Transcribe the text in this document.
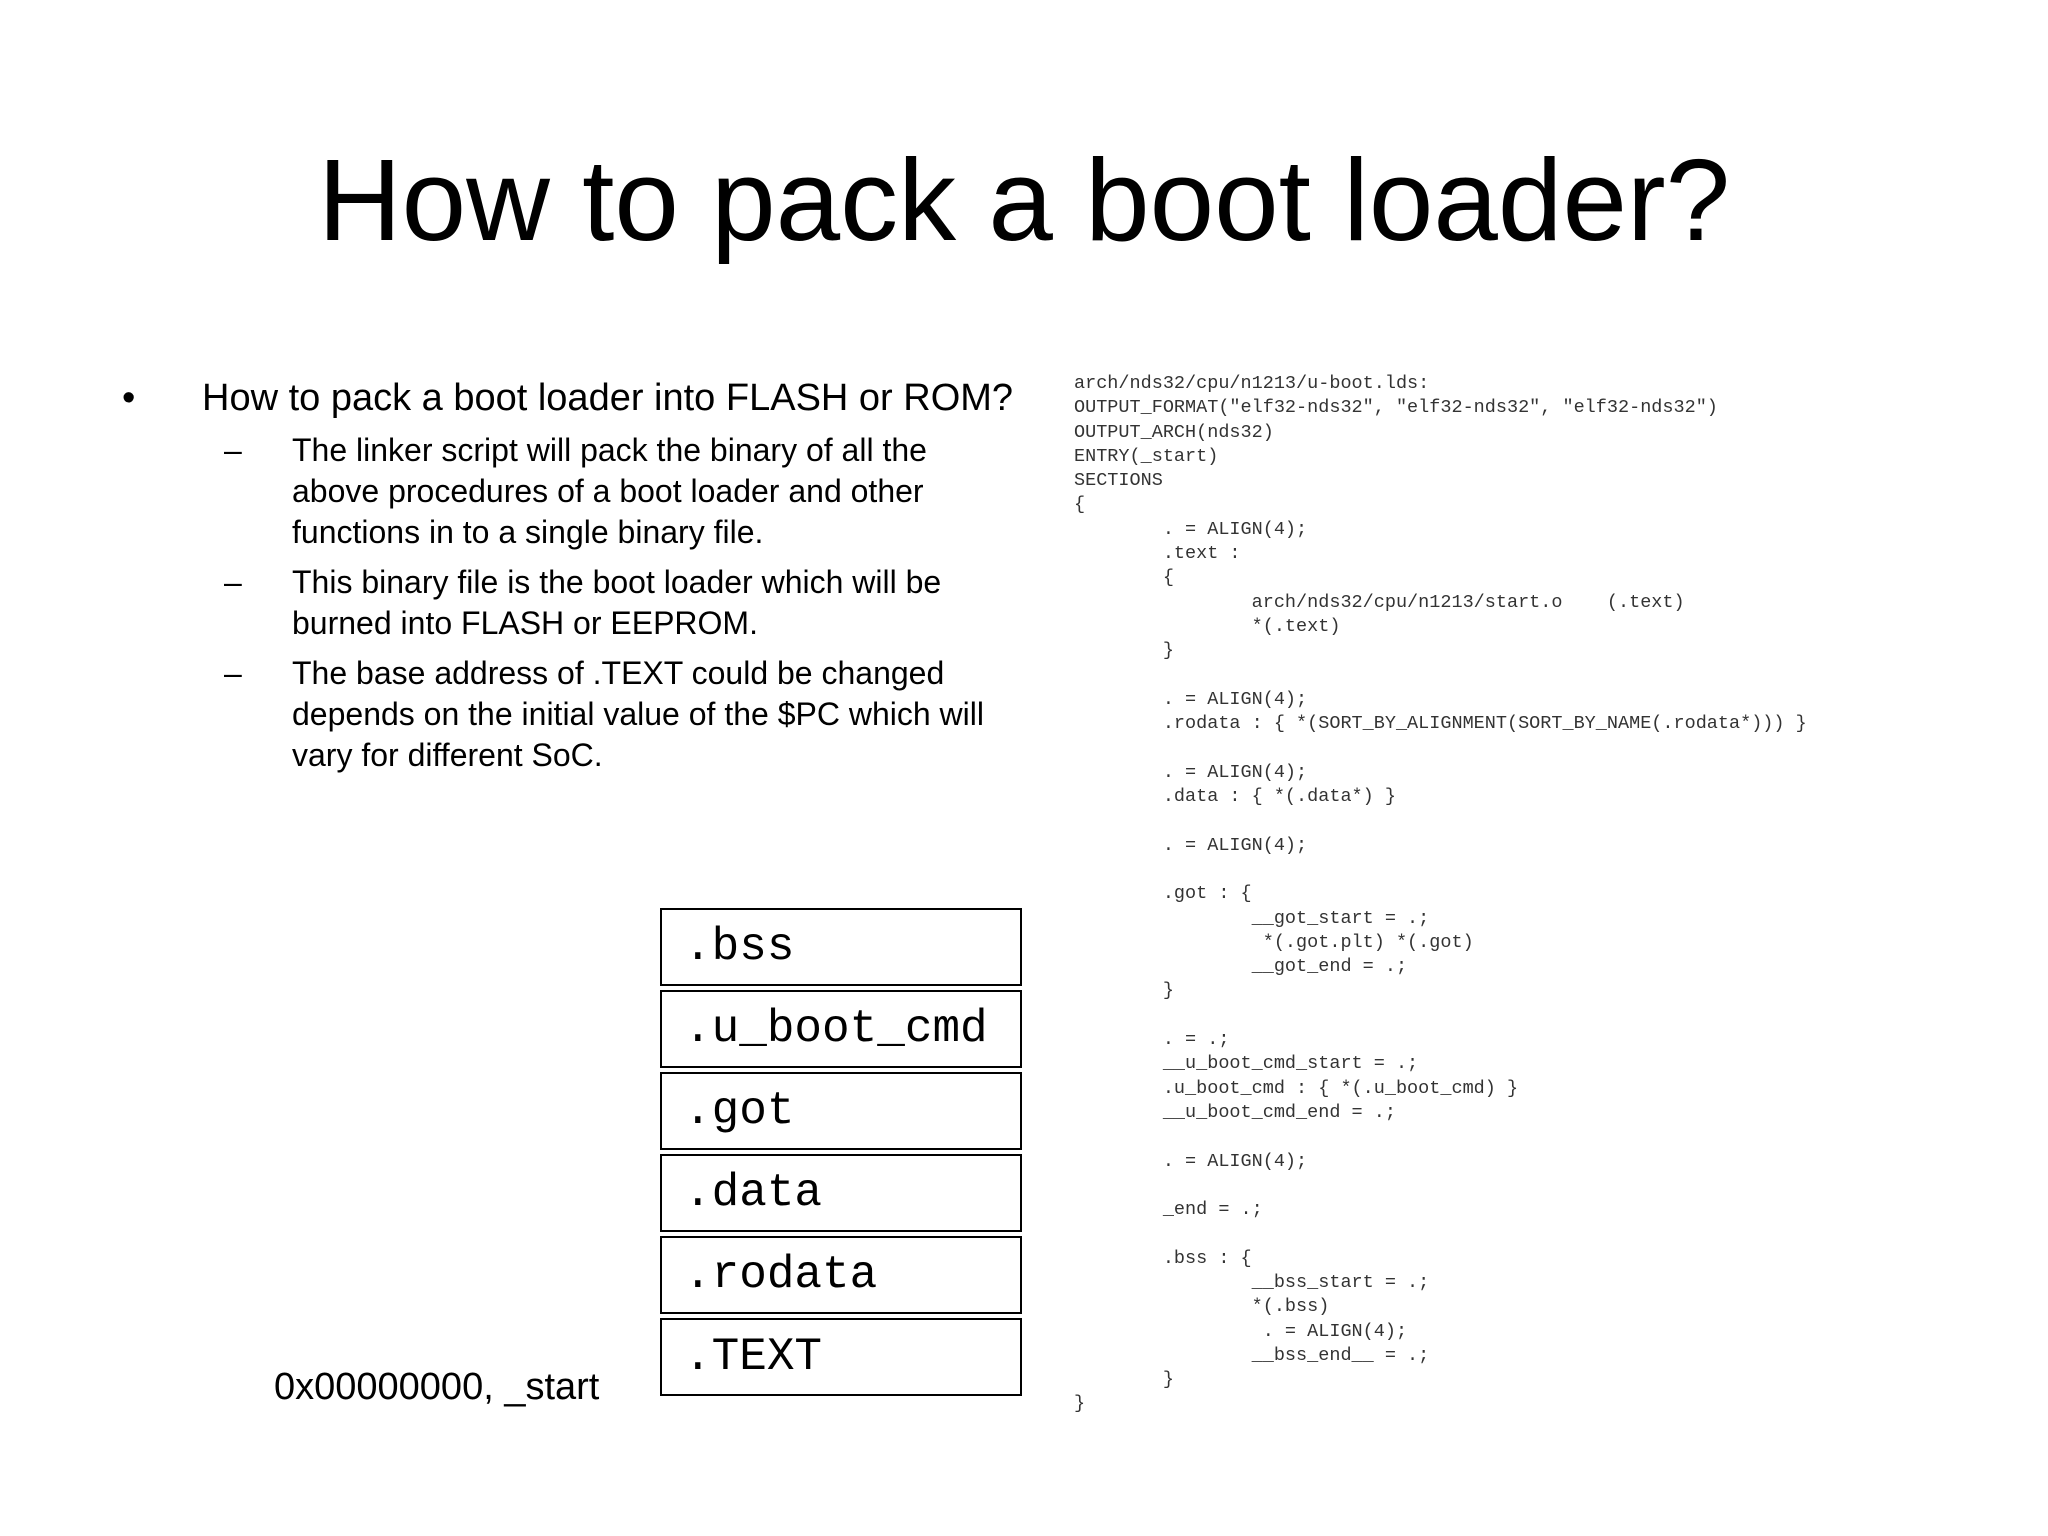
How to pack a boot loader?
• How to pack a boot loader into FLASH or ROM?
– The linker script will pack the binary of all the above procedures of a boot loader and other functions in to a single binary file.
– This binary file is the boot loader which will be burned into FLASH or EEPROM.
– The base address of .TEXT could be changed depends on the initial value of the $PC which will vary for different SoC.
arch/nds32/cpu/n1213/u-boot.lds:
OUTPUT_FORMAT("elf32-nds32", "elf32-nds32", "elf32-nds32")
OUTPUT_ARCH(nds32)
ENTRY(_start)
SECTIONS
{
. = ALIGN(4);
.text :
{
arch/nds32/cpu/n1213/start.o    (.text)
*(.text)
}

. = ALIGN(4);
.rodata : { *(SORT_BY_ALIGNMENT(SORT_BY_NAME(.rodata*))) }

. = ALIGN(4);
.data : { *(.data*) }

. = ALIGN(4);

.got : {
__got_start = .;
*(.got.plt) *(.got)
__got_end = .;
}

. = .;
__u_boot_cmd_start = .;
.u_boot_cmd : { *(.u_boot_cmd) }
__u_boot_cmd_end = .;

. = ALIGN(4);

_end = .;

.bss : {
__bss_start = .;
*(.bss)
. = ALIGN(4);
__bss_end__ = .;
}
}
.bss
.u_boot_cmd
.got
.data
.rodata
.TEXT
0x00000000, _start
